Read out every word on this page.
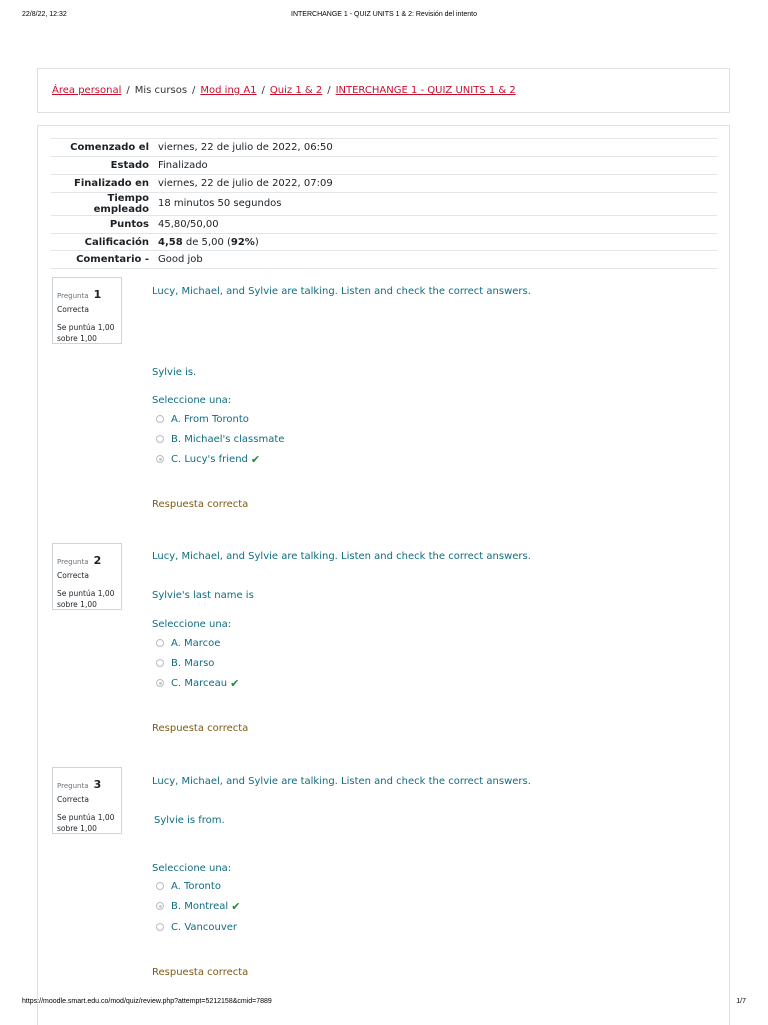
22/8/22, 12:32	INTERCHANGE 1 - QUIZ UNITS 1 & 2: Revisión del intento
Área personal / Mis cursos / Mod ing A1 / Quiz 1 & 2 / INTERCHANGE 1 - QUIZ UNITS 1 & 2
Comenzado el	viernes, 22 de julio de 2022, 06:50
Estado	Finalizado
Finalizado en	viernes, 22 de julio de 2022, 07:09
Tiempo empleado	18 minutos 50 segundos
Puntos	45,80/50,00
Calificación	4,58 de 5,00 (92%)
Comentario -	Good job
Pregunta 1
Correcta
Se puntúa 1,00 sobre 1,00
Lucy, Michael, and Sylvie are talking. Listen and check the correct answers.
Sylvie is.
Seleccione una:
A. From Toronto
B. Michael's classmate
C. Lucy's friend ✔
Respuesta correcta
Pregunta 2
Correcta
Se puntúa 1,00 sobre 1,00
Lucy, Michael, and Sylvie are talking. Listen and check the correct answers.
Sylvie's last name is
Seleccione una:
A. Marcoe
B. Marso
C. Marceau ✔
Respuesta correcta
Pregunta 3
Correcta
Se puntúa 1,00 sobre 1,00
Lucy, Michael, and Sylvie are talking. Listen and check the correct answers.
Sylvie is from.
Seleccione una:
A. Toronto
B. Montreal ✔
C. Vancouver
Respuesta correcta
https://moodle.smart.edu.co/mod/quiz/review.php?attempt=5212158&cmid=7889	1/7
